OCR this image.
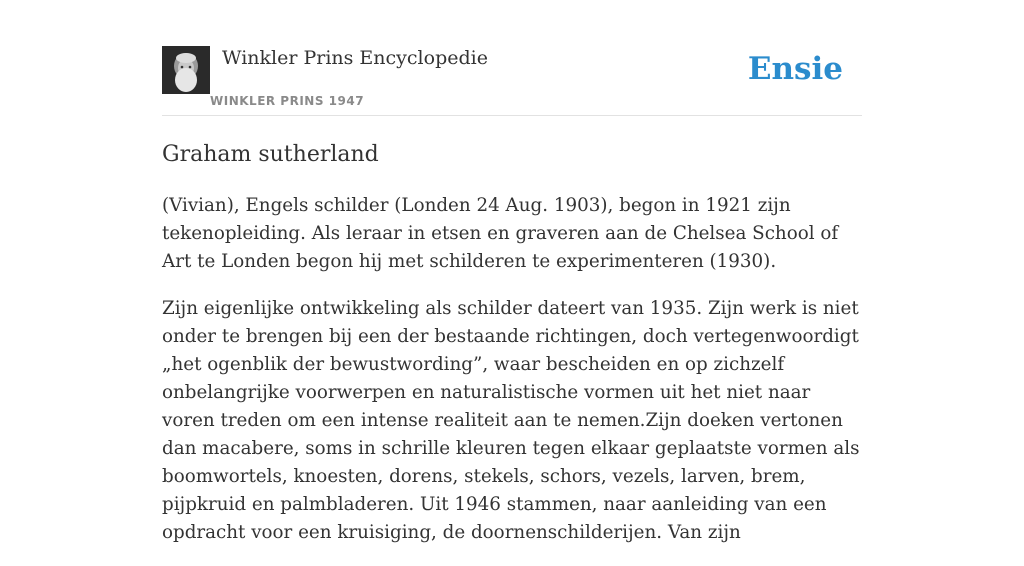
Winkler Prins Encyclopedie
WINKLER PRINS 1947
Ensie
Graham sutherland

(Vivian), Engels schilder (Londen 24 Aug. 1903), begon in 1921 zijn tekenopleiding. Als leraar in etsen en graveren aan de Chelsea School of Art te Londen begon hij met schilderen te experimenteren (1930).

Zijn eigenlijke ontwikkeling als schilder dateert van 1935. Zijn werk is niet onder te brengen bij een der bestaande richtingen, doch vertegenwoordigt „het ogenblik der bewustwording”, waar bescheiden en op zichzelf onbelangrijke voorwerpen en naturalistische vormen uit het niet naar voren treden om een intense realiteit aan te nemen.Zijn doeken vertonen dan macabere, soms in schrille kleuren tegen elkaar geplaatste vormen als boomwortels, knoesten, dorens, stekels, schors, vezels, larven, brem, pijpkruid en palmbladeren. Uit 1946 stammen, naar aanleiding van een opdracht voor een kruisiging, de doornenschilderijen. Van zijn
